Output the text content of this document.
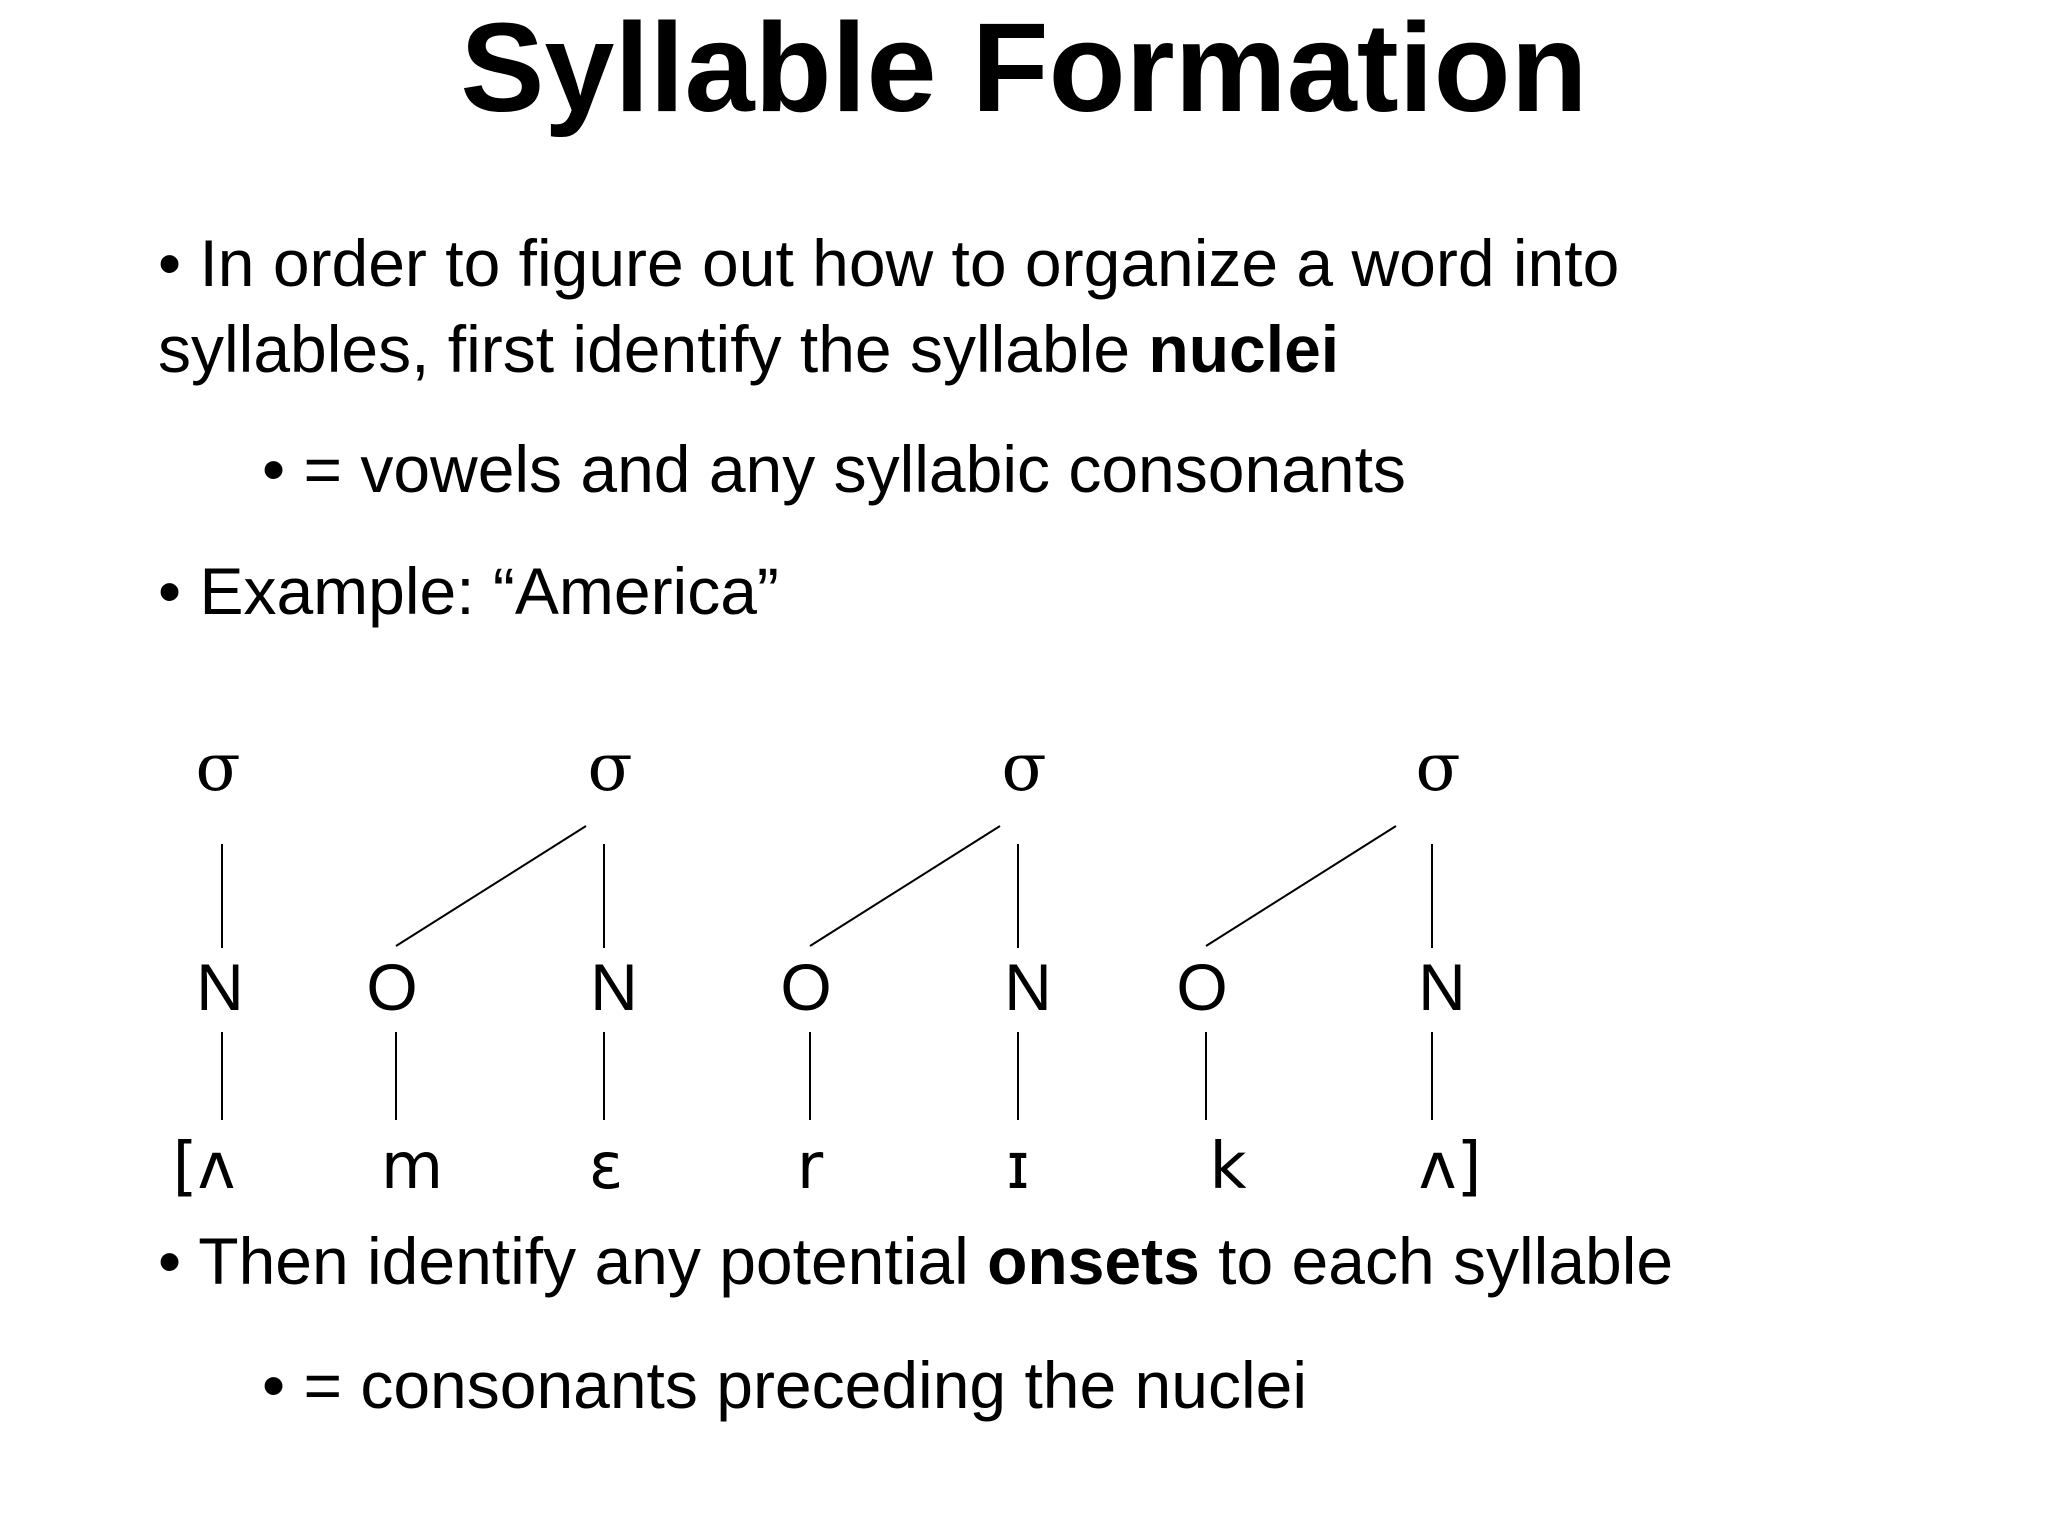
Syllable Formation

• In order to figure out how to organize a word into
syllables, first identify the syllable nuclei

• = vowels and any syllabic consonants

• Example: “America”

σ	σ	σ	σ
N O	N O	N O	N
[ʌ m ɛ	r	ɪ	k	ʌ]

• Then identify any potential onsets to each syllable

• = consonants preceding the nuclei
